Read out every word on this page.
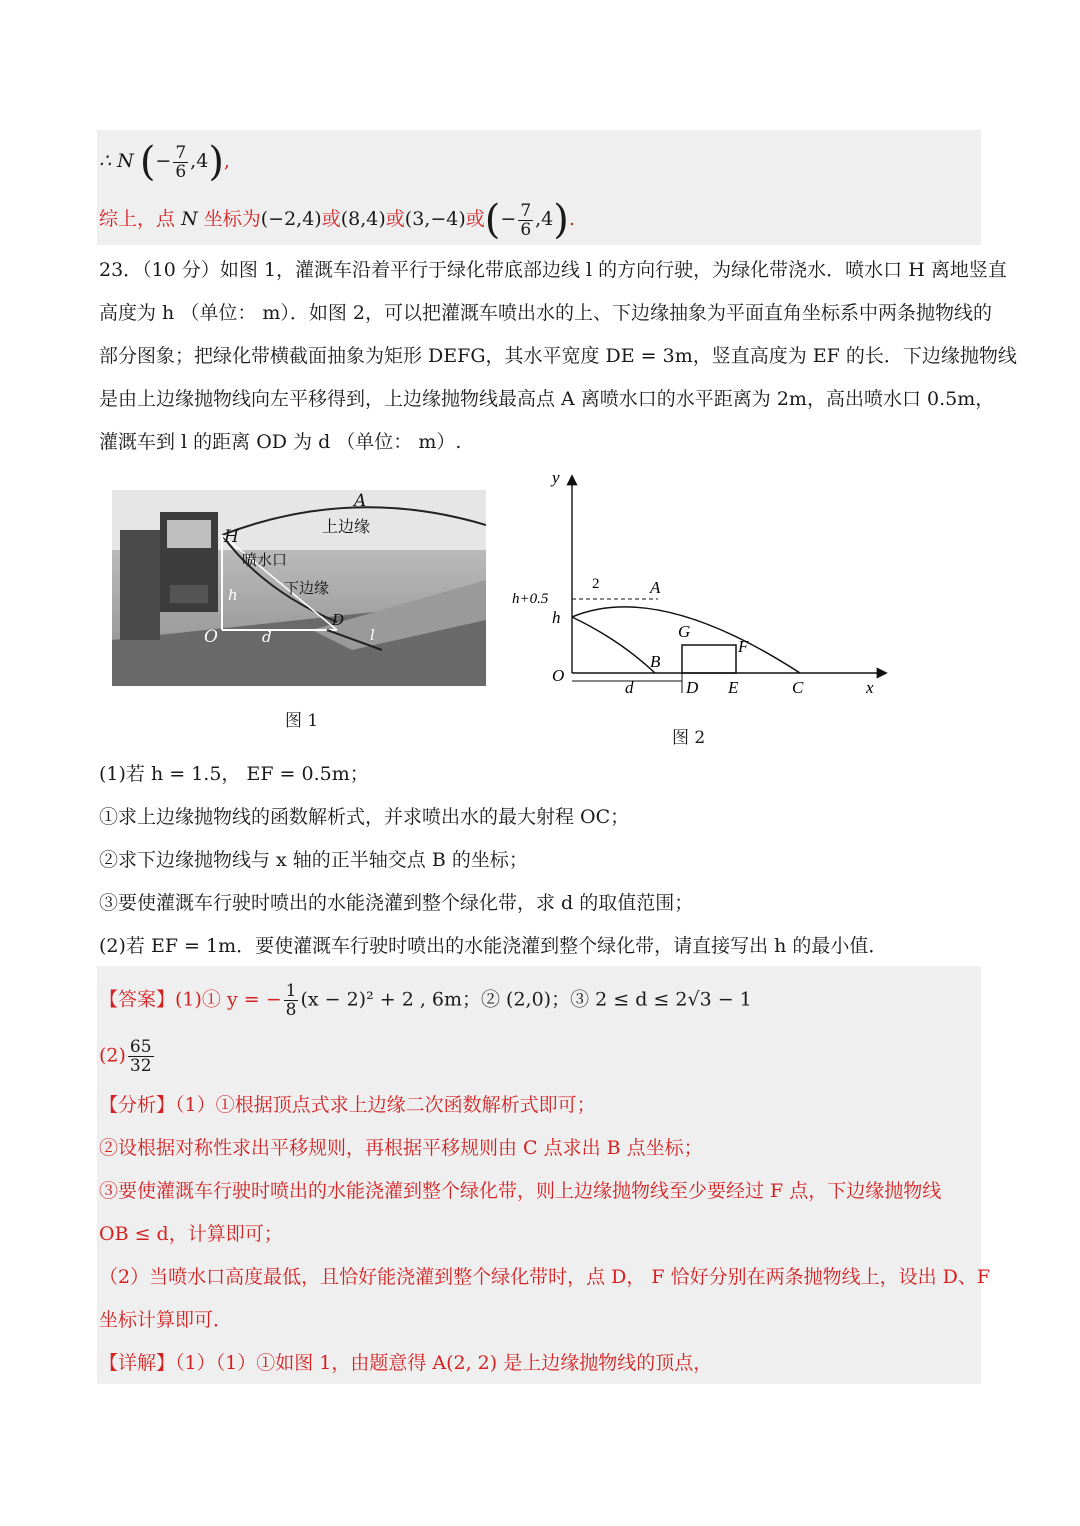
∴ N (− $\frac{7}{6} ,4$),
综上，点 N 坐标为(−2,4)或(8,4)或(3,−4)或(− $\frac{7}{6} ,4$).
23．（10 分）如图 1，灌溉车沿着平行于绿化带底部边线 l 的方向行驶，为绿化带浇水．喷水口 H 离地竖直
高度为 h （单位： m）．如图 2，可以把灌溉车喷出水的上、下边缘抽象为平面直角坐标系中两条抛物线的
部分图象；把绿化带横截面抽象为矩形 DEFG，其水平宽度 DE = 3m，竖直高度为 EF 的长．下边缘抛物线
是由上边缘抛物线向左平移得到，上边缘抛物线最高点 A 离喷水口的水平距离为 2m，高出喷水口 0.5m，
灌溉车到 l 的距离 OD 为 d （单位： m）.
A
H
上边缘
喷水口
下边缘
h
O	d
D
l
图 1
y
x
O
h
h+0.5
2	A
B
G
F
D E	C
d
图 2
(1)若 h = 1.5， EF = 0.5m；
①求上边缘抛物线的函数解析式，并求喷出水的最大射程 OC；
②求下边缘抛物线与 x 轴的正半轴交点 B 的坐标；
③要使灌溉车行驶时喷出的水能浇灌到整个绿化带，求 d 的取值范围；
(2)若 EF = 1m．要使灌溉车行驶时喷出的水能浇灌到整个绿化带，请直接写出 h 的最小值．
【答案】(1)① y = − $\frac{1}{8} (x - 2)^2 + 2$ , 6m；② (2,0)；③ 2 ≤ d ≤ 2√3 − 1
$(2) \frac{65}{32}$
【分析】（1）①根据顶点式求上边缘二次函数解析式即可；
②设根据对称性求出平移规则，再根据平移规则由 C 点求出 B 点坐标；
③要使灌溉车行驶时喷出的水能浇灌到整个绿化带，则上边缘抛物线至少要经过 F 点，下边缘抛物线
OB ≤ d，计算即可；
（2）当喷水口高度最低，且恰好能浇灌到整个绿化带时，点 D， F 恰好分别在两条抛物线上，设出 D、F
坐标计算即可．
【详解】（1）（1）①如图 1，由题意得 A(2, 2) 是上边缘抛物线的顶点，
